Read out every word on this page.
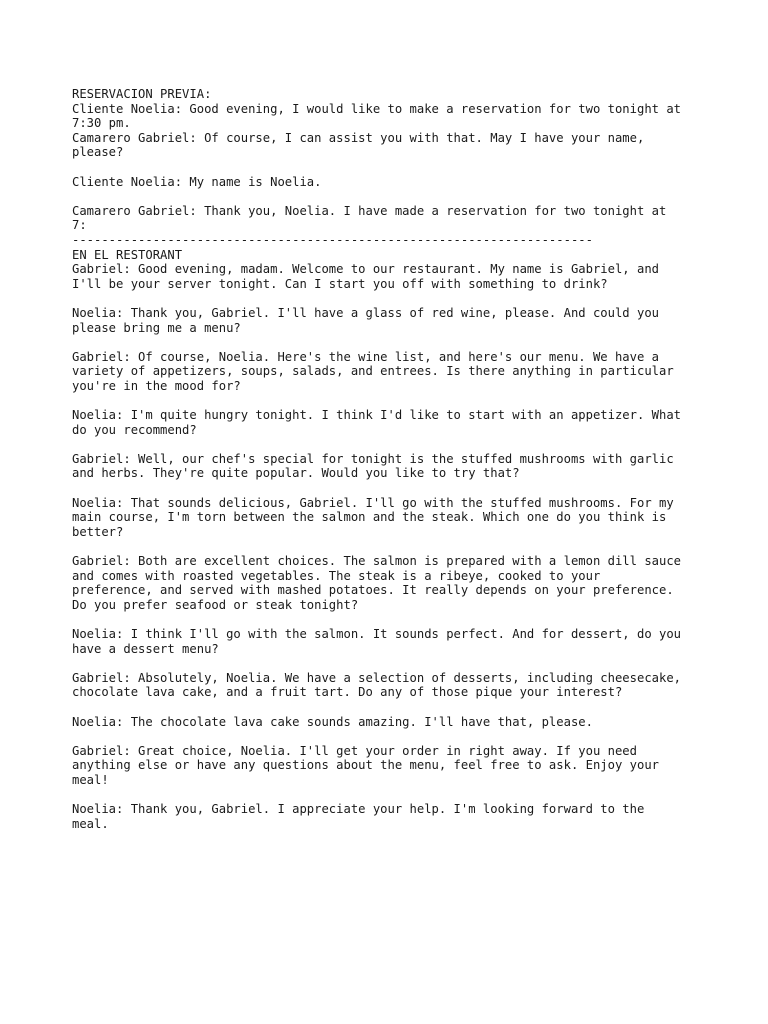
RESERVACION PREVIA:
Cliente Noelia: Good evening, I would like to make a reservation for two tonight at
7:30 pm.
Camarero Gabriel: Of course, I can assist you with that. May I have your name,
please?
Cliente Noelia: My name is Noelia.
Camarero Gabriel: Thank you, Noelia. I have made a reservation for two tonight at
7:
-----------------------------------------------------------------------
EN EL RESTORANT
Gabriel: Good evening, madam. Welcome to our restaurant. My name is Gabriel, and
I'll be your server tonight. Can I start you off with something to drink?
Noelia: Thank you, Gabriel. I'll have a glass of red wine, please. And could you
please bring me a menu?
Gabriel: Of course, Noelia. Here's the wine list, and here's our menu. We have a
variety of appetizers, soups, salads, and entrees. Is there anything in particular
you're in the mood for?
Noelia: I'm quite hungry tonight. I think I'd like to start with an appetizer. What
do you recommend?
Gabriel: Well, our chef's special for tonight is the stuffed mushrooms with garlic
and herbs. They're quite popular. Would you like to try that?
Noelia: That sounds delicious, Gabriel. I'll go with the stuffed mushrooms. For my
main course, I'm torn between the salmon and the steak. Which one do you think is
better?
Gabriel: Both are excellent choices. The salmon is prepared with a lemon dill sauce
and comes with roasted vegetables. The steak is a ribeye, cooked to your
preference, and served with mashed potatoes. It really depends on your preference.
Do you prefer seafood or steak tonight?
Noelia: I think I'll go with the salmon. It sounds perfect. And for dessert, do you
have a dessert menu?
Gabriel: Absolutely, Noelia. We have a selection of desserts, including cheesecake,
chocolate lava cake, and a fruit tart. Do any of those pique your interest?
Noelia: The chocolate lava cake sounds amazing. I'll have that, please.
Gabriel: Great choice, Noelia. I'll get your order in right away. If you need
anything else or have any questions about the menu, feel free to ask. Enjoy your
meal!
Noelia: Thank you, Gabriel. I appreciate your help. I'm looking forward to the
meal.
